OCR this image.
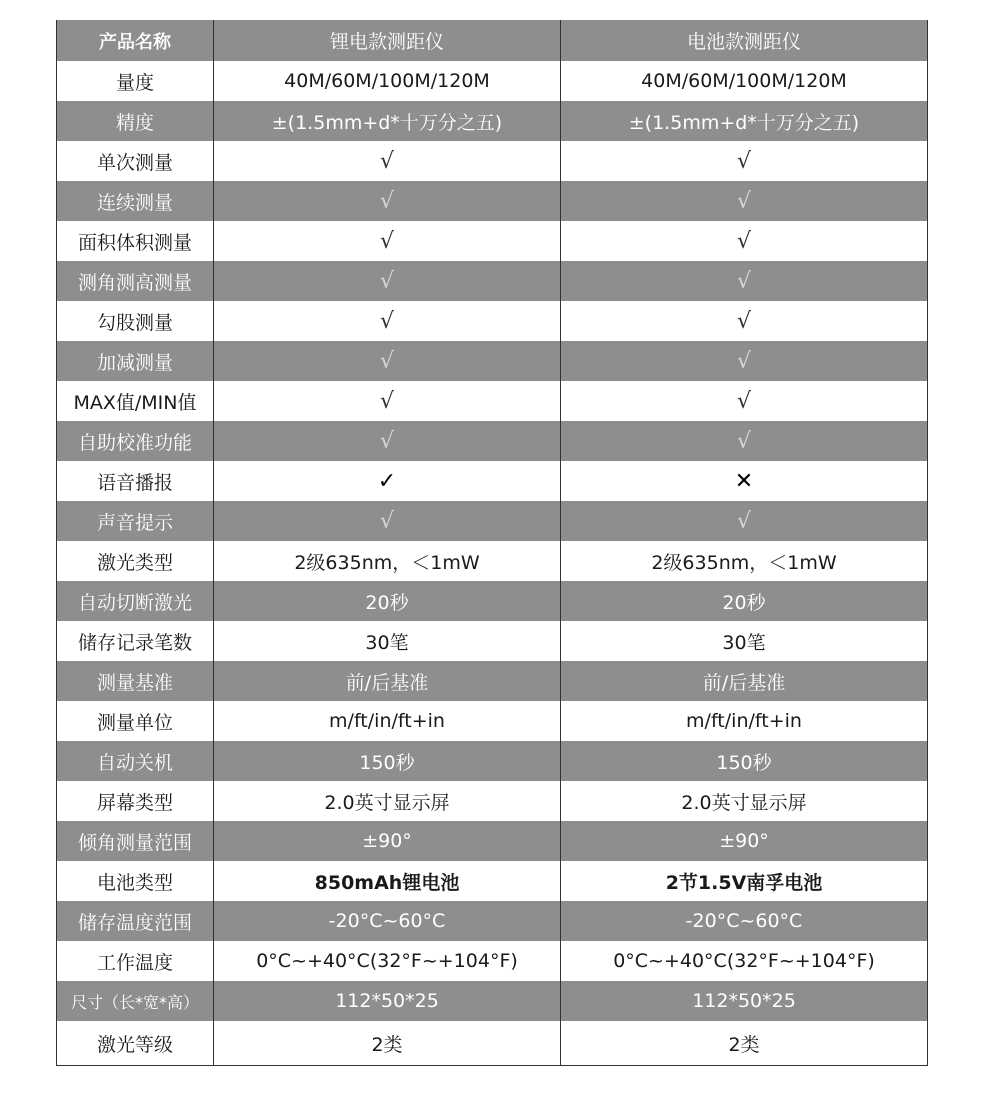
产品名称	锂电款测距仪	电池款测距仪
量度	40M/60M/100M/120M	40M/60M/100M/120M
精度	±(1.5mm+d*十万分之五)	±(1.5mm+d*十万分之五)
单次测量	√	√
连续测量	√	√
面积体积测量	√	√
测角测高测量	√	√
勾股测量	√	√
加减测量	√	√
MAX值/MIN值	√	√
自助校准功能	√	√
语音播报	✓	✕
声音提示	√	√
激光类型	2级635nm，＜1mW	2级635nm，＜1mW
自动切断激光	20秒	20秒
储存记录笔数	30笔	30笔
测量基准	前/后基准	前/后基准
测量单位	m/ft/in/ft+in	m/ft/in/ft+in
自动关机	150秒	150秒
屏幕类型	2.0英寸显示屏	2.0英寸显示屏
倾角测量范围	±90°	±90°
电池类型	850mAh锂电池	2节1.5V南孚电池
储存温度范围	-20°C~60°C	-20°C~60°C
工作温度	0°C~+40°C(32°F~+104°F)	0°C~+40°C(32°F~+104°F)
尺寸（长*宽*高）	112*50*25	112*50*25
激光等级	2类	2类
